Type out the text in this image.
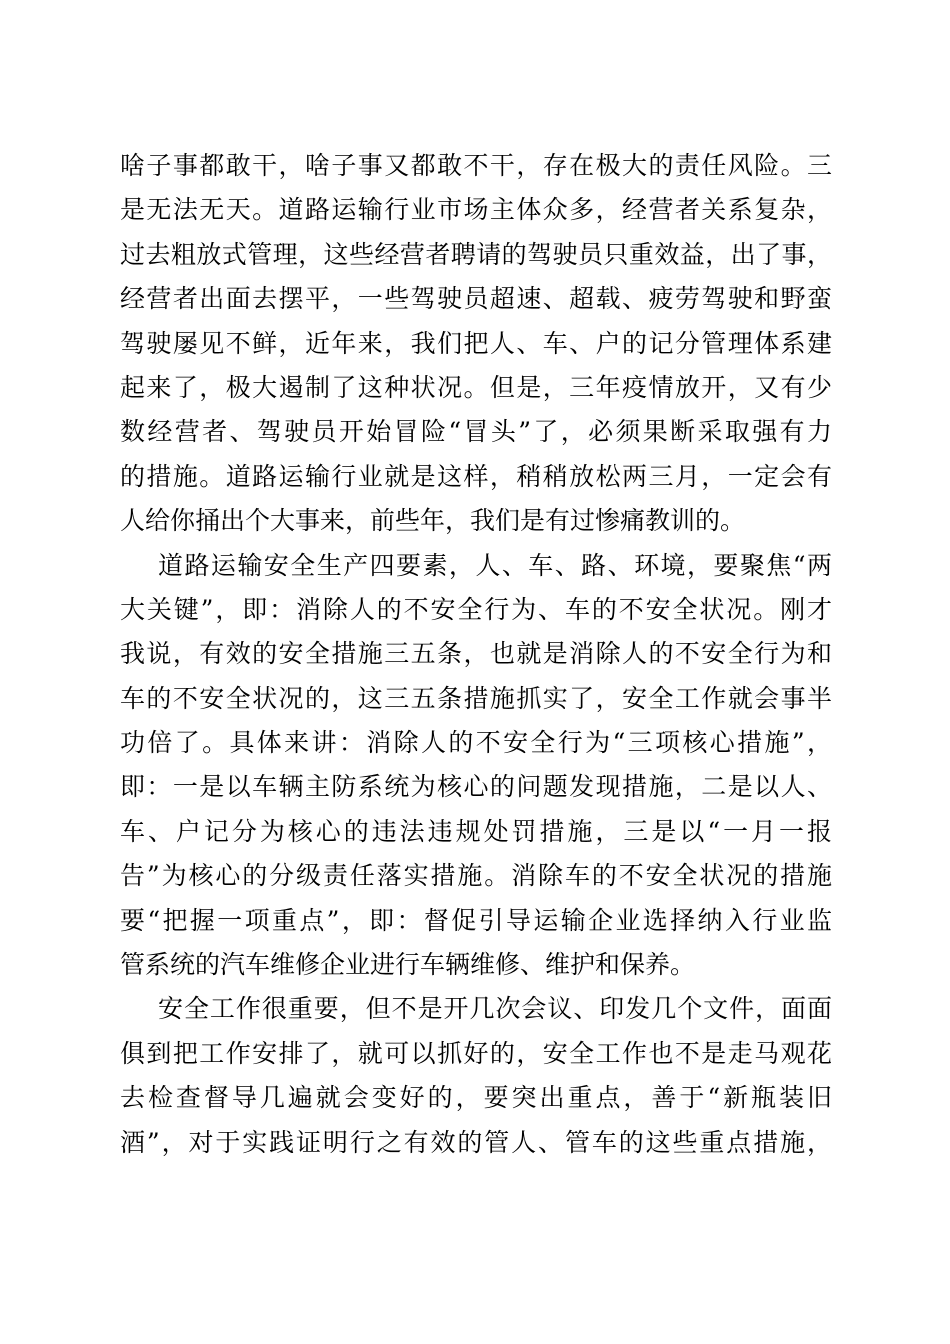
啥子事都敢干，啥子事又都敢不干，存在极大的责任风险。三
是无法无天。道路运输行业市场主体众多，经营者关系复杂，
过去粗放式管理，这些经营者聘请的驾驶员只重效益，出了事，
经营者出面去摆平，一些驾驶员超速、超载、疲劳驾驶和野蛮
驾驶屡见不鲜，近年来，我们把人、车、户的记分管理体系建
起来了，极大遏制了这种状况。但是，三年疫情放开，又有少
数经营者、驾驶员开始冒险“冒头”了，必须果断采取强有力
的措施。道路运输行业就是这样，稍稍放松两三月，一定会有
人给你捅出个大事来，前些年，我们是有过惨痛教训的。
道路运输安全生产四要素，人、车、路、环境，要聚焦“两
大关键”，即：消除人的不安全行为、车的不安全状况。刚才
我说，有效的安全措施三五条，也就是消除人的不安全行为和
车的不安全状况的，这三五条措施抓实了，安全工作就会事半
功倍了。具体来讲：消除人的不安全行为“三项核心措施”，
即：一是以车辆主防系统为核心的问题发现措施，二是以人、
车、户记分为核心的违法违规处罚措施，三是以“一月一报
告”为核心的分级责任落实措施。消除车的不安全状况的措施
要“把握一项重点”，即：督促引导运输企业选择纳入行业监
管系统的汽车维修企业进行车辆维修、维护和保养。
安全工作很重要，但不是开几次会议、印发几个文件，面面
俱到把工作安排了，就可以抓好的，安全工作也不是走马观花
去检查督导几遍就会变好的，要突出重点，善于“新瓶装旧
酒”，对于实践证明行之有效的管人、管车的这些重点措施，
